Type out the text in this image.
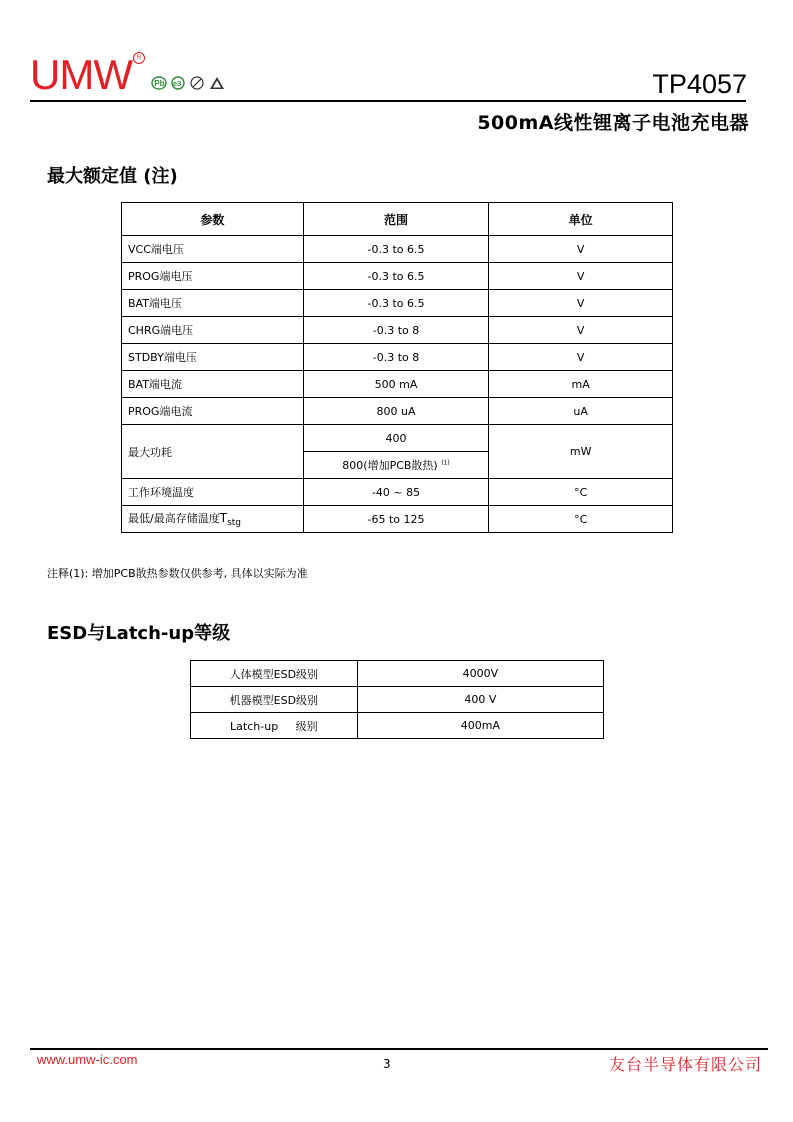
UMW R
Pb e3	TP4057
500mA线性锂离子电池充电器
最大额定值 (注)
参数	范围	单位
VCC端电压	-0.3 to 6.5	V
PROG端电压	-0.3 to 6.5	V
BAT端电压	-0.3 to 6.5	V
CHRG端电压	-0.3 to 8	V
STDBY端电压	-0.3 to 8	V
BAT端电流	500 mA	mA
PROG端电流	800 uA	uA
最大功耗	400	mW
	800(增加PCB散热) $^{(1)}$
工作环境温度	-40 ~ 85	°C
最低/最高存储温度$T_{stg}$	-65 to 125	°C
注释(1): 增加PCB散热参数仅供参考, 具体以实际为准
ESD与Latch-up等级
人体模型ESD级别	4000V
机器模型ESD级别	400 V
Latch-up     级别	400mA
www.umw-ic.com	3	友台半导体有限公司
